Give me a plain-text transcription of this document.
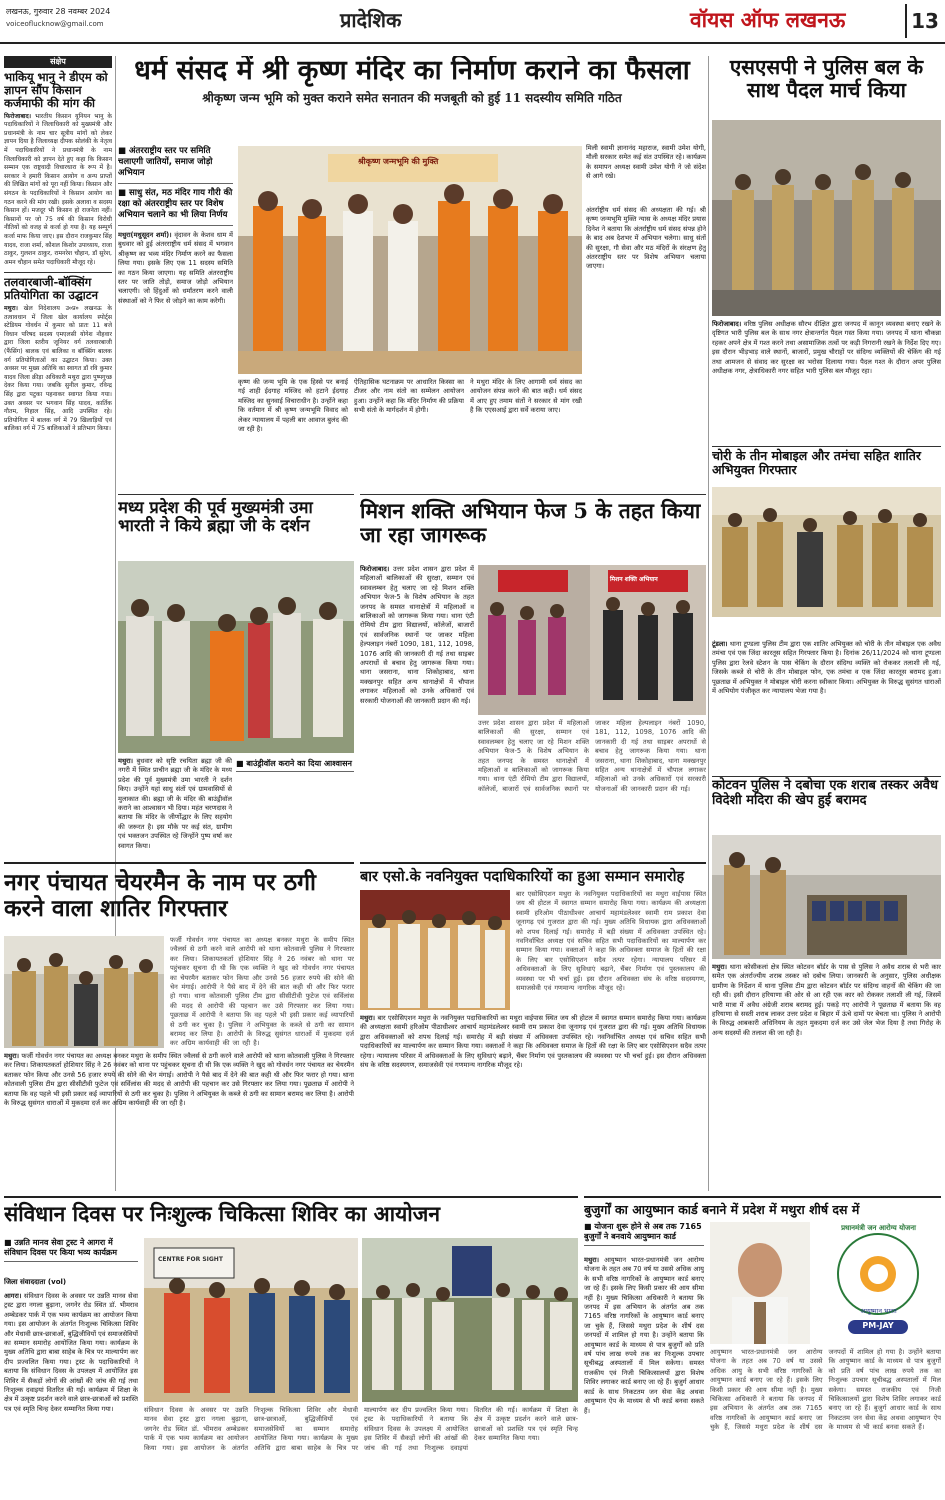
लखनऊ, गुरुवार 28 नवम्बर 2024
voiceoflucknow@gmail.com	प्रादेशिक	वॉयस ऑफ लखनऊ	13
संक्षेप
भाकियू भानु ने डीएम को ज्ञापन सौंप किसान कर्जमाफी की मांग की

फिरोजाबाद। भारतीय किसान यूनियन भानु के पदाधिकारियों ने जिलाधिकारी को मुख्यमंत्री और प्रधानमंत्री के नाम चार सूत्रीय मांगों को लेकर ज्ञापन दिया है जिलाध्यक्ष दीपक सोलंकी के नेतृत्व में पदाधिकारियों ने प्रधानमंत्री के नाम जिलाधिकारी को ज्ञापन देते हुए कहा कि किसान सम्मान एक राष्ट्रवादी विचारधारा के रूप में है। सरकार ने हमारी किसान आयोग व अन्य प्राप्तों की लिखित मांगों को पूरा नहीं किया। किसान और संगठन के पदाधिकारियों ने किसान आयोग का गठन करने की मांग रखी। इसके अलावा व सदस्य किसान हों। मजदूर भी किसान हो राजनेता नहीं। किसानों पर जो 75 वर्ष की किसान विरोधी नीतियों को वजह से कर्जा हो गया है। यह सम्पूर्ण कर्जा माफ किया जाए। इस दौरान राजकुमार सिंह यादव, राजा शर्मा, कौशल किशोर उपाध्याय, राजा ठाकुर, गुलशन ठाकुर, रामनरेश चौहान, डॉ सुरेश, अमन चौहान समेत पदाधिकारी मौजूद रहे।

तलवारबाजी-बॉक्सिंग प्रतियोगिता का उद्घाटन

मथुरा। खेल निदेशालय उ०प्र० लखनऊ के तत्वावधान में जिला खेल कार्यालय स्पोर्ट्स स्टेडियम गोवर्धन में कुमार को प्रातः 11 बजे विधान परिषद सदस्य एमएलसी योगेश नौहवार द्वारा जिला स्तरीय जूनियर वर्ग तलवारबाजी (फैंसिंग) बालक एवं बालिका व बॉक्सिंग बालक वर्ग प्रतियोगिताओं का उद्घाटन किया। उक्त अवसर पर मुख्य अतिथि का स्वागत डॉ रवि कुमार यादव जिला क्रीड़ा अधिकारी मथुरा द्वारा पुष्पगुच्छ देकर किया गया। जबकि सुनील कुमार, रविन्द्र सिंह द्वारा पटुका पहनाकर स्वागत किया गया। उक्त अवसर पर भगवान सिंह यादव, कार्तिक गौतम, निहाल सिंह, आदि उपस्थित रहे। प्रतियोगिता में बालक वर्ग में 79 खिलाड़ियों एवं बालिका वर्ग में 75 बालिकाओं ने प्रतिभाग किया।

धर्म संसद में श्री कृष्ण मंदिर का निर्माण कराने का फैसला
श्रीकृष्ण जन्म भूमि को मुक्त कराने समेत सनातन की मजबूती को हुई 11 सदस्यीय समिति गठित
■ अंतरराष्ट्रीय स्तर पर समिति चलाएगी जातियों, समाज जोड़ो अभियान
■ साधु संत, मठ मंदिर गाय गौरी की रक्षा को अंतरराष्ट्रीय स्तर पर विशेष अभियान चलाने का भी लिया निर्णय

मथुरा(मधुसूदन शर्मा)। वृंदावन के केशव धाम में बुधवार को हुई अंतरराष्ट्रीय धर्म संसद में भगवान श्रीकृष्ण का भव्य मंदिर निर्माण करने का फैसला लिया गया। इसके लिए एक 11 सदस्य समिति का गठन किया जाएगा। यह समिति अंतरराष्ट्रीय स्तर पर जाति तोड़ो, समाज जोड़ो अभियान चलाएगी। जो हिंदुओं को धर्मांतरण करने वाली संस्थाओं को ने फिर से जोड़ने का काम करेगी।

श्रीकृष्ण जन्मभूमि की मुक्ति

मिली स्वामी ज्ञानानंद महाराज, स्वामी उमेश योगी, मौली सरकार समेत कई संत उपस्थित रहे। कार्यक्रम के समापन अध्यक्ष स्वामी उमेश योगी ने जो संदेश से आगे रखे।

अंतर्राष्ट्रीय धर्म संसद की अध्यक्षता की गई। श्री कृष्ण जन्मभूमि मुक्ति न्यास के अध्यक्ष मंदिर प्रयास दिनेश ने बताया कि अंतर्राष्ट्रीय धर्म संसद संपन्न होने के बाद अब देशभर में अभियान चलेगा। साधु संतों की सुरक्षा, गौ सेवा और मठ मंदिरों के संरक्षण हेतु अंतरराष्ट्रीय स्तर पर विशेष अभियान चलाया जाएगा।

कृष्ण की जन्म भूमि के एक हिस्से पर बनाई गई शाही ईदगाह मस्जिद को हटाने ईदगाह मस्जिद का सुनवाई विचाराधीन है। उन्होंने कहा कि वर्तमान में श्री कृष्ण जन्मभूमि विवाद को लेकर न्यायालय में पहली बार आवाज बुलंद की जा रही है।

ऐतिहासिक घटनाक्रम पर आधारित किस्सा का टीजर और नाम संतो का सम्मेलन आयोजन हुआ। उन्होंने कहा कि मंदिर निर्माण की प्रक्रिया सभी संतो के मार्गदर्शन में होगी।

ने मथुरा मंदिर के लिए आगामी धर्म संसद का आयोजन संपन्न करने की बात कही। धर्म संसद में आए हुए तमाम संतों ने सरकार से मांग रखी है कि एएसआई द्वारा सर्वे कराया जाए।

एसएसपी ने पुलिस बल के साथ पैदल मार्च किया

फिरोजाबाद। वरिष्ठ पुलिस अधीक्षक सौरभ दीक्षित द्वारा जनपद में कानून व्यवस्था बनाए रखने के दृष्टिगत भारी पुलिस बल के साथ नगर क्षेत्रान्तर्गत पैदल गस्त किया गया। जनपद में थाना चौकन्ना रहकर अपने क्षेत्र में गश्त करने तथा असामाजिक तत्वों पर कड़ी निगरानी रखने के निर्देश दिए गए। इस दौरान भीड़भाड़ वाले स्थानों, बाजारों, प्रमुख चौराहों पर संदिग्ध व्यक्तियों की चेकिंग की गई तथा आमजन से संवाद कर सुरक्षा का भरोसा दिलाया गया। पैदल गश्त के दौरान अपर पुलिस अधीक्षक नगर, क्षेत्राधिकारी नगर सहित भारी पुलिस बल मौजूद रहा।

चोरी के तीन मोबाइल और तमंचा सहित शातिर अभियुक्त गिरफ्तार

टूंडला। थाना टूण्डला पुलिस टीम द्वारा एक शातिर अभियुक्त को चोरी के तीन मोबाइल एक अवैध तमंचा एवं एक जिंदा कारतूस सहित गिरफ्तार किया है। दिनांक 26/11/2024 को थाना टूण्डला पुलिस द्वारा रेलवे स्टेशन के पास चेकिंग के दौरान संदिग्ध व्यक्ति को रोककर तलाशी ली गई, जिसके कब्जे से चोरी के तीन मोबाइल फोन, एक तमंचा व एक जिंदा कारतूस बरामद हुआ। पूछताछ में अभियुक्त ने मोबाइल चोरी करना स्वीकार किया। अभियुक्त के विरुद्ध सुसंगत धाराओं में अभियोग पंजीकृत कर न्यायालय भेजा गया है।

कोटवन पुलिस ने दबोचा एक शराब तस्कर अवैध विदेशी मदिरा की खेप हुई बरामद

मथुरा। थाना कोसीकलां क्षेत्र स्थित कोटवन बॉर्डर के पास से पुलिस ने अवैध शराब से भरी कार समेत एक अंतर्राज्यीय शराब तस्कर को दबोच लिया। जानकारी के अनुसार, पुलिस अधीक्षक ग्रामीण के निर्देशन में थाना पुलिस टीम द्वारा कोटवन बॉर्डर पर संदिग्ध वाहनों की चेकिंग की जा रही थी। इसी दौरान हरियाणा की ओर से आ रही एक कार को रोककर तलाशी ली गई, जिसमें भारी मात्रा में अवैध अंग्रेजी शराब बरामद हुई। पकड़े गए आरोपी ने पूछताछ में बताया कि वह हरियाणा से सस्ती शराब लाकर उत्तर प्रदेश व बिहार में ऊंचे दामों पर बेचता था। पुलिस ने आरोपी के विरुद्ध आबकारी अधिनियम के तहत मुकदमा दर्ज कर उसे जेल भेज दिया है तथा गिरोह के अन्य सदस्यों की तलाश की जा रही है।

मध्य प्रदेश की पूर्व मुख्यमंत्री उमा भारती ने किये ब्रह्मा जी के दर्शन
■ बाउंड्रीवॉल कराने का दिया आश्वासन

मथुरा। बुधवार को सृष्टि रचयिता ब्रह्मा जी की नगरी में स्थित प्राचीन ब्रह्मा जी के मंदिर के मध्य प्रदेश की पूर्व मुख्यमंत्री उमा भारती ने दर्शन किए। उन्होंने यहां साधु संतों एवं ग्रामवासियों से मुलाकात की। ब्रह्मा जी के मंदिर की बाउंड्रीवॉल कराने का आश्वासन भी दिया। महंत चरणदास ने बताया कि मंदिर के जीर्णोद्धार के लिए सहयोग की जरूरत है। इस मौके पर कई संत, ग्रामीण एवं भक्तजन उपस्थित रहे जिन्होंने पुष्प वर्षा कर स्वागत किया।

मिशन शक्ति अभियान फेज 5 के तहत किया जा रहा जागरूक

फिरोजाबाद। उत्तर प्रदेश शासन द्वारा प्रदेश में महिलाओं बालिकाओं की सुरक्षा, सम्मान एवं स्वावलम्बन हेतु चलाए जा रहे मिशन शक्ति अभियान फेज-5 के विशेष अभियान के तहत जनपद के समस्त थानाक्षेत्रों में महिलाओं व बालिकाओं को जागरूक किया गया। थाना एंटी रोमियो टीम द्वारा विद्यालयों, कॉलेजों, बाजारों एवं सार्वजनिक स्थानों पर जाकर महिला हेल्पलाइन नंबरों 1090, 181, 112, 1098, 1076 आदि की जानकारी दी गई तथा साइबर अपराधों से बचाव हेतु जागरूक किया गया। थाना जसराना, थाना शिकोहाबाद, थाना मक्खनपुर सहित अन्य थानाक्षेत्रों में चौपाल लगाकर महिलाओं को उनके अधिकारों एवं सरकारी योजनाओं की जानकारी प्रदान की गई।

मिशन शक्ति अभियान

उत्तर प्रदेश शासन द्वारा प्रदेश में महिलाओं बालिकाओं की सुरक्षा, सम्मान एवं स्वावलम्बन हेतु चलाए जा रहे मिशन शक्ति अभियान फेज-5 के विशेष अभियान के तहत जनपद के समस्त थानाक्षेत्रों में महिलाओं व बालिकाओं को जागरूक किया गया। थाना एंटी रोमियो टीम द्वारा विद्यालयों, कॉलेजों, बाजारों एवं सार्वजनिक स्थानों पर जाकर महिला हेल्पलाइन नंबरों 1090, 181, 112, 1098, 1076 आदि की जानकारी दी गई तथा साइबर अपराधों से बचाव हेतु जागरूक किया गया। थाना जसराना, थाना शिकोहाबाद, थाना मक्खनपुर सहित अन्य थानाक्षेत्रों में चौपाल लगाकर महिलाओं को उनके अधिकारों एवं सरकारी योजनाओं की जानकारी प्रदान की गई।

नगर पंचायत चेयरमैन के नाम पर ठगी करने वाला शातिर गिरफ्तार

मथुरा। फर्जी गोवर्धन नगर पंचायत का अध्यक्ष बनकर मथुरा के समीप स्थित ज्वैलर्स से ठगी करने वाले आरोपी को थाना कोतवाली पुलिस ने गिरफ्तार कर लिया। शिकायतकर्ता होशियार सिंह ने 26 नवंबर को थाना पर पहुंचकर सूचना दी थी कि एक व्यक्ति ने खुद को गोवर्धन नगर पंचायत का चेयरमैन बताकर फोन किया और उनसे 56 हजार रुपये की सोने की चेन मंगाई। आरोपी ने पैसे बाद में देने की बात कही थी और फिर फरार हो गया। थाना कोतवाली पुलिस टीम द्वारा सीसीटीवी फुटेज एवं सर्विलांस की मदद से आरोपी की पहचान कर उसे गिरफ्तार कर लिया गया। पूछताछ में आरोपी ने बताया कि वह पहले भी इसी प्रकार कई व्यापारियों से ठगी कर चुका है। पुलिस ने अभियुक्त के कब्जे से ठगी का सामान बरामद कर लिया है। आरोपी के विरुद्ध सुसंगत धाराओं में मुकदमा दर्ज कर अग्रिम कार्यवाही की जा रही है।

फर्जी गोवर्धन नगर पंचायत का अध्यक्ष बनकर मथुरा के समीप स्थित ज्वैलर्स से ठगी करने वाले आरोपी को थाना कोतवाली पुलिस ने गिरफ्तार कर लिया। शिकायतकर्ता होशियार सिंह ने 26 नवंबर को थाना पर पहुंचकर सूचना दी थी कि एक व्यक्ति ने खुद को गोवर्धन नगर पंचायत का चेयरमैन बताकर फोन किया और उनसे 56 हजार रुपये की सोने की चेन मंगाई। आरोपी ने पैसे बाद में देने की बात कही थी और फिर फरार हो गया। थाना कोतवाली पुलिस टीम द्वारा सीसीटीवी फुटेज एवं सर्विलांस की मदद से आरोपी की पहचान कर उसे गिरफ्तार कर लिया गया। पूछताछ में आरोपी ने बताया कि वह पहले भी इसी प्रकार कई व्यापारियों से ठगी कर चुका है। पुलिस ने अभियुक्त के कब्जे से ठगी का सामान बरामद कर लिया है। आरोपी के विरुद्ध सुसंगत धाराओं में मुकदमा दर्ज कर अग्रिम कार्यवाही की जा रही है।

बार एसो.के नवनियुक्त पदाधिकारियों का हुआ सम्मान समारोह

मथुरा। बार एसोसिएशन मथुरा के नवनियुक्त पदाधिकारियों का मथुरा वाईपास स्थित जय श्री होटल में स्वागत सम्मान समारोह किया गया। कार्यक्रम की अध्यक्षता स्वामी हरिओम पीठाधीश्वर आचार्य महामंडलेश्वर स्वामी राम प्रकाश देवा जूनागढ़ एवं गुजरात द्वारा की गई। मुख्य अतिथि विधायक द्वारा अधिवक्ताओं को शपथ दिलाई गई। समारोह में बड़ी संख्या में अधिवक्ता उपस्थित रहे। नवनिर्वाचित अध्यक्ष एवं सचिव सहित सभी पदाधिकारियों का माल्यार्पण कर सम्मान किया गया। वक्ताओं ने कहा कि अधिवक्ता समाज के हितों की रक्षा के लिए बार एसोसिएशन सदैव तत्पर रहेगा। न्यायालय परिसर में अधिवक्ताओं के लिए सुविधाएं बढ़ाने, चैंबर निर्माण एवं पुस्तकालय की व्यवस्था पर भी चर्चा हुई। इस दौरान अधिवक्ता संघ के वरिष्ठ सदस्यगण, समाजसेवी एवं गणमान्य नागरिक मौजूद रहे।

बार एसोसिएशन मथुरा के नवनियुक्त पदाधिकारियों का मथुरा वाईपास स्थित जय श्री होटल में स्वागत सम्मान समारोह किया गया। कार्यक्रम की अध्यक्षता स्वामी हरिओम पीठाधीश्वर आचार्य महामंडलेश्वर स्वामी राम प्रकाश देवा जूनागढ़ एवं गुजरात द्वारा की गई। मुख्य अतिथि विधायक द्वारा अधिवक्ताओं को शपथ दिलाई गई। समारोह में बड़ी संख्या में अधिवक्ता उपस्थित रहे। नवनिर्वाचित अध्यक्ष एवं सचिव सहित सभी पदाधिकारियों का माल्यार्पण कर सम्मान किया गया। वक्ताओं ने कहा कि अधिवक्ता समाज के हितों की रक्षा के लिए बार एसोसिएशन सदैव तत्पर रहेगा। न्यायालय परिसर में अधिवक्ताओं के लिए सुविधाएं बढ़ाने, चैंबर निर्माण एवं पुस्तकालय की व्यवस्था पर भी चर्चा हुई। इस दौरान अधिवक्ता संघ के वरिष्ठ सदस्यगण, समाजसेवी एवं गणमान्य नागरिक मौजूद रहे।

संविधान दिवस पर निःशुल्क चिकित्सा शिविर का आयोजन
■ उन्नति मानव सेवा ट्रस्ट ने आगरा में संविधान दिवस पर किया भव्य कार्यक्रम
जिला संवाददाता (vol)

आगरा। संविधान दिवस के अवसर पर उन्नति मानव सेवा ट्रस्ट द्वारा नगला बुढ़ाना, जगनेर रोड स्थित डॉ. भीमराव अम्बेडकर पार्क में एक भव्य कार्यक्रम का आयोजन किया गया। इस आयोजन के अंतर्गत निःशुल्क चिकित्सा शिविर और मेधावी छात्र-छात्राओं, बुद्धिजीवियों एवं समाजसेवियों का सम्मान समारोह आयोजित किया गया। कार्यक्रम के मुख्य अतिथि द्वारा बाबा साहेब के चित्र पर माल्यार्पण कर दीप प्रज्वलित किया गया। ट्रस्ट के पदाधिकारियों ने बताया कि संविधान दिवस के उपलक्ष्य में आयोजित इस शिविर में सैकड़ों लोगों की आंखों की जांच की गई तथा निःशुल्क दवाइयां वितरित की गईं। कार्यक्रम में शिक्षा के क्षेत्र में उत्कृष्ट प्रदर्शन करने वाले छात्र-छात्राओं को प्रशस्ति पत्र एवं स्मृति चिन्ह देकर सम्मानित किया गया।

CENTRE FOR SIGHT

संविधान दिवस के अवसर पर उन्नति मानव सेवा ट्रस्ट द्वारा नगला बुढ़ाना, जगनेर रोड स्थित डॉ. भीमराव अम्बेडकर पार्क में एक भव्य कार्यक्रम का आयोजन किया गया। इस आयोजन के अंतर्गत निःशुल्क चिकित्सा शिविर और मेधावी छात्र-छात्राओं, बुद्धिजीवियों एवं समाजसेवियों का सम्मान समारोह आयोजित किया गया। कार्यक्रम के मुख्य अतिथि द्वारा बाबा साहेब के चित्र पर माल्यार्पण कर दीप प्रज्वलित किया गया। ट्रस्ट के पदाधिकारियों ने बताया कि संविधान दिवस के उपलक्ष्य में आयोजित इस शिविर में सैकड़ों लोगों की आंखों की जांच की गई तथा निःशुल्क दवाइयां वितरित की गईं। कार्यक्रम में शिक्षा के क्षेत्र में उत्कृष्ट प्रदर्शन करने वाले छात्र-छात्राओं को प्रशस्ति पत्र एवं स्मृति चिन्ह देकर सम्मानित किया गया।

बुजुर्गों का आयुष्मान कार्ड बनाने में प्रदेश में मथुरा शीर्ष दस में
■ योजना शुरू होने से अब तक 7165 बुजुर्गों ने बनवाये आयुष्मान कार्ड

मथुरा। आयुष्मान भारत-प्रधानमंत्री जन आरोग्य योजना के तहत अब 70 वर्ष या उससे अधिक आयु के सभी वरिष्ठ नागरिकों के आयुष्मान कार्ड बनाए जा रहे हैं। इसके लिए किसी प्रकार की आय सीमा नहीं है। मुख्य चिकित्सा अधिकारी ने बताया कि जनपद में इस अभियान के अंतर्गत अब तक 7165 वरिष्ठ नागरिकों के आयुष्मान कार्ड बनाए जा चुके हैं, जिससे मथुरा प्रदेश के शीर्ष दस जनपदों में शामिल हो गया है। उन्होंने बताया कि आयुष्मान कार्ड के माध्यम से पात्र बुजुर्गों को प्रति वर्ष पांच लाख रुपये तक का निःशुल्क उपचार सूचीबद्ध अस्पतालों में मिल सकेगा। समस्त राजकीय एवं निजी चिकित्सालयों द्वारा विशेष शिविर लगाकर कार्ड बनाए जा रहे हैं। बुजुर्ग आधार कार्ड के साथ निकटतम जन सेवा केंद्र अथवा आयुष्मान ऐप के माध्यम से भी कार्ड बनवा सकते हैं।

प्रधानमंत्री जन आरोग्य योजना
आयुष्मान भारत
PM-JAY

आयुष्मान भारत-प्रधानमंत्री जन आरोग्य योजना के तहत अब 70 वर्ष या उससे अधिक आयु के सभी वरिष्ठ नागरिकों के आयुष्मान कार्ड बनाए जा रहे हैं। इसके लिए किसी प्रकार की आय सीमा नहीं है। मुख्य चिकित्सा अधिकारी ने बताया कि जनपद में इस अभियान के अंतर्गत अब तक 7165 वरिष्ठ नागरिकों के आयुष्मान कार्ड बनाए जा चुके हैं, जिससे मथुरा प्रदेश के शीर्ष दस जनपदों में शामिल हो गया है। उन्होंने बताया कि आयुष्मान कार्ड के माध्यम से पात्र बुजुर्गों को प्रति वर्ष पांच लाख रुपये तक का निःशुल्क उपचार सूचीबद्ध अस्पतालों में मिल सकेगा। समस्त राजकीय एवं निजी चिकित्सालयों द्वारा विशेष शिविर लगाकर कार्ड बनाए जा रहे हैं। बुजुर्ग आधार कार्ड के साथ निकटतम जन सेवा केंद्र अथवा आयुष्मान ऐप के माध्यम से भी कार्ड बनवा सकते हैं।
